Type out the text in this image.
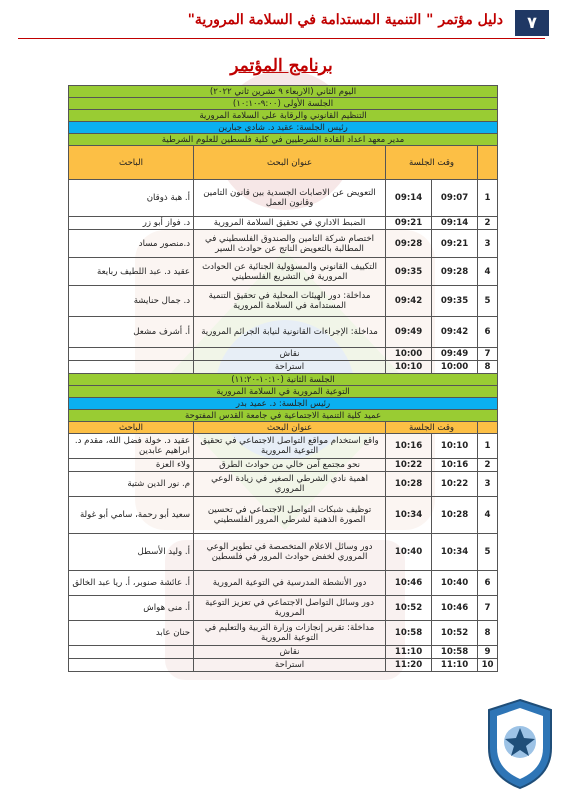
٧
دليل مؤتمر " التنمية المستدامة في السلامة المرورية"
برنامج المؤتمر
اليوم الثاني (الاربعاء ٩ تشرين ثاني ٢٠٢٢)				
الجلسة الأولى (٩:٠٠-١٠:١٠)				
التنظيم القانوني والرقابة على السلامة المرورية				
رئيس الجلسة: عقيد د. شادي جبارين				
مدير معهد اعداد القادة الشرطيين في كلية فلسطين للعلوم الشرطية				
	وقت الجلسة		عنوان البحث	الباحث
1	09:07	09:14	التعويض عن الاصابات الجسدية بين قانون التامين وقانون العمل	أ. هبة ذوقان
2	09:14	09:21	الضبط الاداري في تحقيق السلامة المرورية	د. فواز أبو زر
3	09:21	09:28	اختصام شركة التامين والصندوق الفلسطيني في المطالبة بالتعويض الناتج عن حوادث السير	د.منصور مساد
4	09:28	09:35	التكييف القانوني والمسؤولية الجنائية عن الحوادث المرورية في التشريع الفلسطيني	عقيد د. عبد اللطيف ربايعة
5	09:35	09:42	مداخلة: دور الهيئات المحلية في تحقيق التنمية المستدامة في السلامة المرورية	د. جمال حنايشة
6	09:42	09:49	مداخلة: الإجراءات القانونية لنيابة الجرائم المرورية	أ. أشرف مشعل
7	09:49	10:00	نقاش	
8	10:00	10:10	استراحة	
الجلسة الثانية (١٠:١٠-١١:٢٠)				
التوعية المرورية في السلامة المرورية				
رئيس الجلسة: د. عميد بدر				
عميد كلية التنمية الاجتماعية في جامعة القدس المفتوحة				
	وقت الجلسة		عنوان البحث	الباحث
1	10:10	10:16	واقع استخدام مواقع التواصل الاجتماعي في تحقيق التوعية المرورية	عقيد د. خولة فضل الله، مقدم د. ابراهيم عابدين
2	10:16	10:22	نحو مجتمع آمن خالي من حوادث الطرق	ولاء العزة
3	10:22	10:28	اهمية نادي الشرطي الصغير في زيادة الوعي المروري	م. نور الدين شتية
4	10:28	10:34	توظيف شبكات التواصل الاجتماعي في تحسين الصورة الذهنية لشرطي المرور الفلسطيني	سعيد أبو رحمة، سامي أبو غولة
5	10:34	10:40	دور وسائل الاعلام المتخصصة في تطوير الوعي المروري لخفض حوادث المرور في فلسطين	أ. وليد الأسطل
6	10:40	10:46	دور الأنشطة المدرسية في التوعية المرورية	أ. عائشة صنوبر، أ. ريا عبد الخالق
7	10:46	10:52	دور وسائل التواصل الاجتماعي في تعزيز التوعية المرورية	أ. منى هواش
8	10:52	10:58	مداخلة: تقرير إنجازات وزارة التربية والتعليم في التوعية المرورية	حنان عابد
9	10:58	11:10	نقاش	
10	11:10	11:20	استراحة	
